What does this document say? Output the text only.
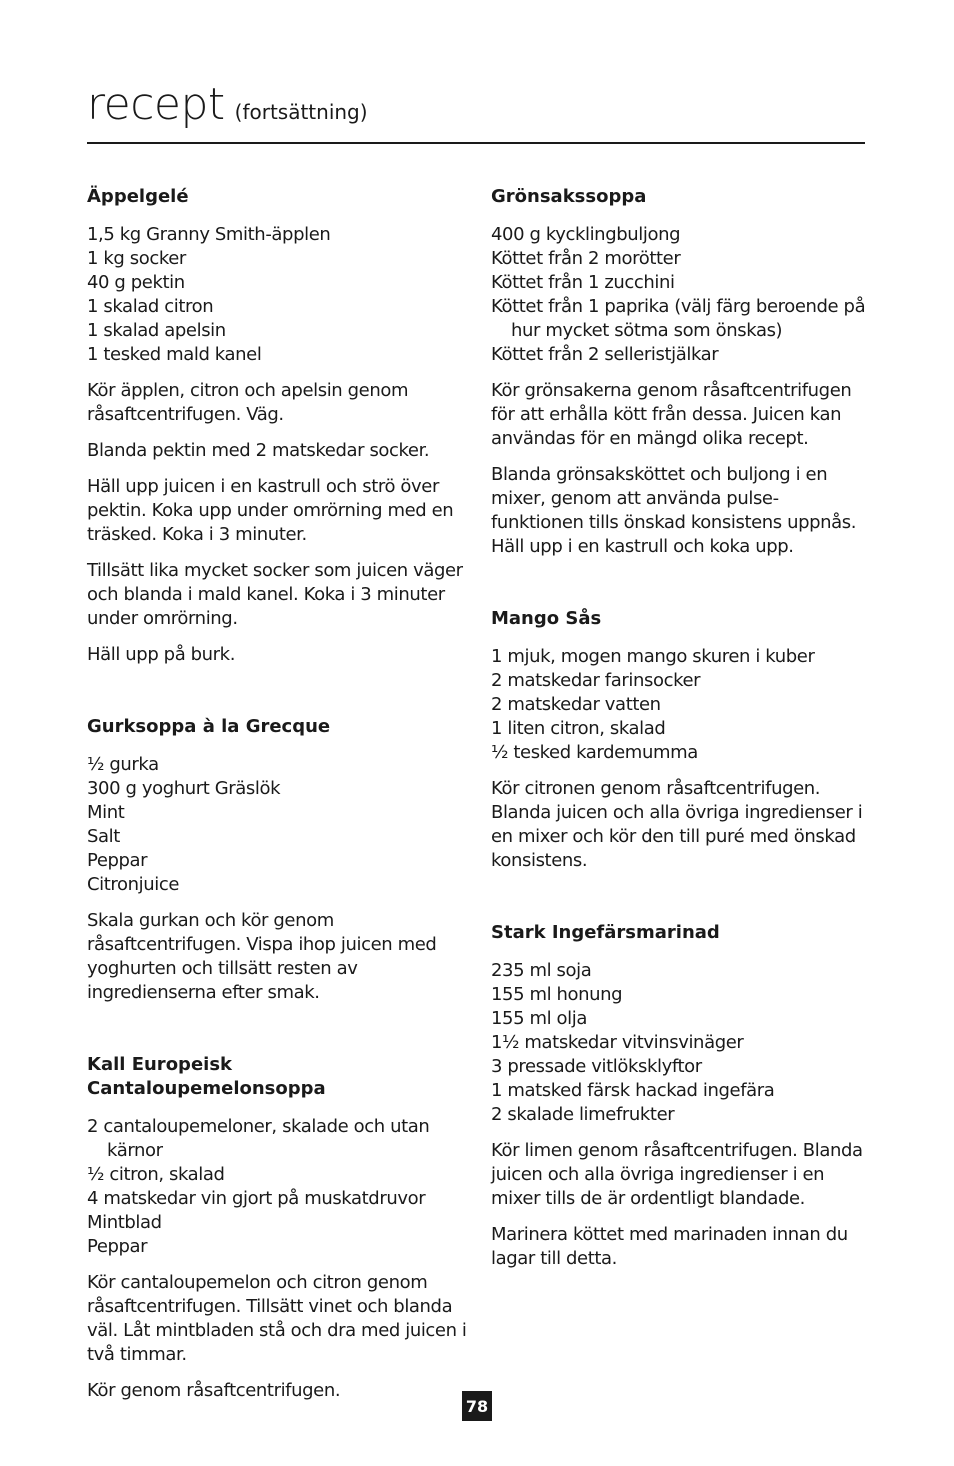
recept (fortsättning)
Äppelgelé
1,5 kg Granny Smith-äpplen
1 kg socker
40 g pektin
1 skalad citron
1 skalad apelsin
1 tesked mald kanel

Kör äpplen, citron och apelsin genom råsaftcentrifugen. Väg.

Blanda pektin med 2 matskedar socker.

Häll upp juicen i en kastrull och strö över pektin. Koka upp under omrörning med en träsked. Koka i 3 minuter.

Tillsätt lika mycket socker som juicen väger och blanda i mald kanel. Koka i 3 minuter under omrörning.

Häll upp på burk.

Gurksoppa à la Grecque
½ gurka
300 g yoghurt Gräslök
Mint
Salt
Peppar
Citronjuice

Skala gurkan och kör genom råsaftcentrifugen. Vispa ihop juicen med yoghurten och tillsätt resten av ingredienserna efter smak.

Kall Europeisk Cantaloupemelonsoppa
2 cantaloupemeloner, skalade och utan kärnor
½ citron, skalad
4 matskedar vin gjort på muskatdruvor
Mintblad
Peppar

Kör cantaloupemelon och citron genom råsaftcentrifugen. Tillsätt vinet och blanda väl. Låt mintbladen stå och dra med juicen i två timmar.

Kör genom råsaftcentrifugen.

Grönsakssoppa
400 g kycklingbuljong
Köttet från 2 morötter
Köttet från 1 zucchini
Köttet från 1 paprika (välj färg beroende på hur mycket sötma som önskas)
Köttet från 2 selleristjälkar

Kör grönsakerna genom råsaftcentrifugen för att erhålla kött från dessa. Juicen kan användas för en mängd olika recept.

Blanda grönsaksköttet och buljong i en mixer, genom att använda pulse-funktionen tills önskad konsistens uppnås. Häll upp i en kastrull och koka upp.

Mango Sås
1 mjuk, mogen mango skuren i kuber
2 matskedar farinsocker
2 matskedar vatten
1 liten citron, skalad
½ tesked kardemumma

Kör citronen genom råsaftcentrifugen. Blanda juicen och alla övriga ingredienser i en mixer och kör den till puré med önskad konsistens.

Stark Ingefärsmarinad
235 ml soja
155 ml honung
155 ml olja
1½ matskedar vitvinsvinäger
3 pressade vitlöksklyftor
1 matsked färsk hackad ingefära
2 skalade limefrukter

Kör limen genom råsaftcentrifugen. Blanda juicen och alla övriga ingredienser i en mixer tills de är ordentligt blandade.

Marinera köttet med marinaden innan du lagar till detta.

78
